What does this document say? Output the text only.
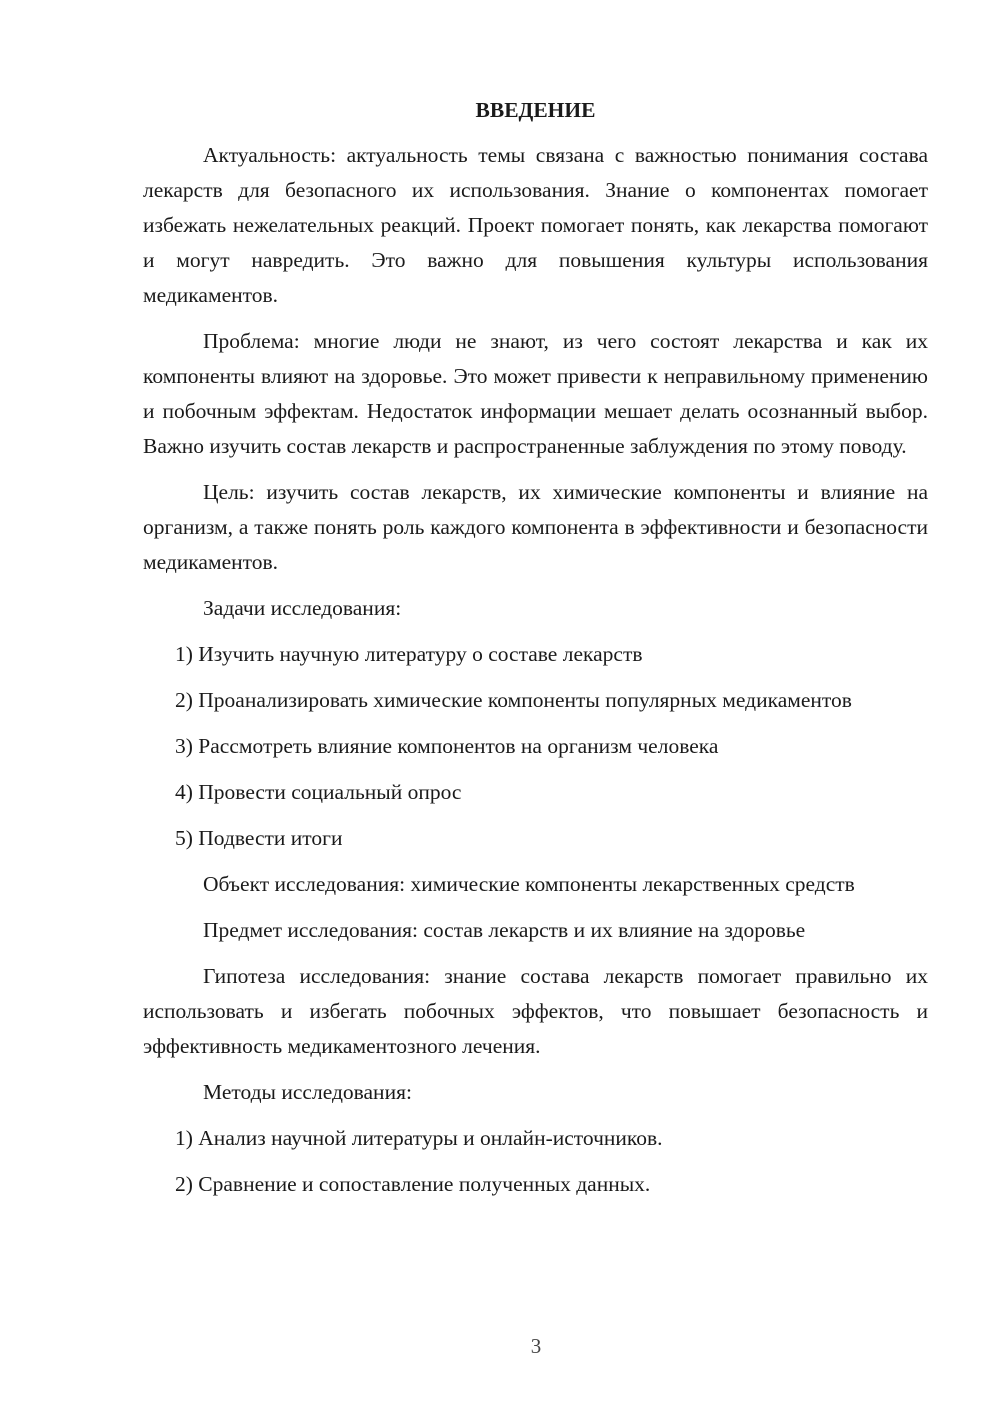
ВВЕДЕНИЕ

Актуальность: актуальность темы связана с важностью понимания состава лекарств для безопасного их использования. Знание о компонентах помогает избежать нежелательных реакций. Проект помогает понять, как лекарства помогают и могут навредить. Это важно для повышения культуры использования медикаментов.

Проблема: многие люди не знают, из чего состоят лекарства и как их компоненты влияют на здоровье. Это может привести к неправильному применению и побочным эффектам. Недостаток информации мешает делать осознанный выбор. Важно изучить состав лекарств и распространенные заблуждения по этому поводу.

Цель: изучить состав лекарств, их химические компоненты и влияние на организм, а также понять роль каждого компонента в эффективности и безопасности медикаментов.

Задачи исследования:

1) Изучить научную литературу о составе лекарств

2) Проанализировать химические компоненты популярных медикаментов

3) Рассмотреть влияние компонентов на организм человека

4) Провести социальный опрос

5) Подвести итоги

Объект исследования: химические компоненты лекарственных средств

Предмет исследования: состав лекарств и их влияние на здоровье

Гипотеза исследования: знание состава лекарств помогает правильно их использовать и избегать побочных эффектов, что повышает безопасность и эффективность медикаментозного лечения.

Методы исследования:

1) Анализ научной литературы и онлайн-источников.

2) Сравнение и сопоставление полученных данных.

3
